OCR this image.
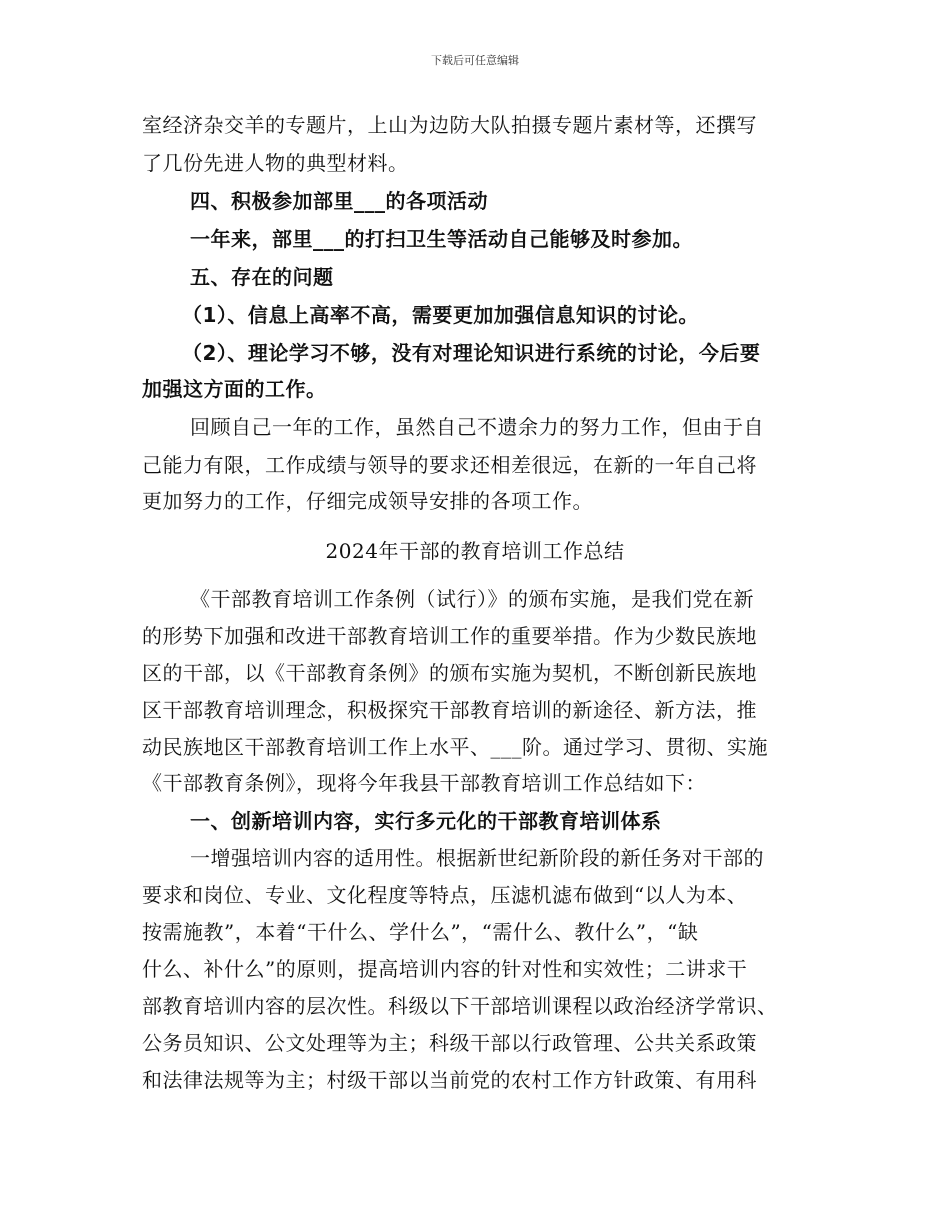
下载后可任意编辑
室经济杂交羊的专题片，上山为边防大队拍摄专题片素材等，还撰写
了几份先进人物的典型材料。
四、积极参加部里___的各项活动
一年来，部里___的打扫卫生等活动自己能够及时参加。
五、存在的问题
（1）、信息上高率不高，需要更加加强信息知识的讨论。
（2）、理论学习不够，没有对理论知识进行系统的讨论，今后要
加强这方面的工作。
回顾自己一年的工作，虽然自己不遗余力的努力工作，但由于自
己能力有限，工作成绩与领导的要求还相差很远，在新的一年自己将
更加努力的工作，仔细完成领导安排的各项工作。
2024年干部的教育培训工作总结
《干部教育培训工作条例（试行）》的颁布实施，是我们党在新
的形势下加强和改进干部教育培训工作的重要举措。作为少数民族地
区的干部，以《干部教育条例》的颁布实施为契机，不断创新民族地
区干部教育培训理念，积极探究干部教育培训的新途径、新方法，推
动民族地区干部教育培训工作上水平、___阶。通过学习、贯彻、实施
《干部教育条例》，现将今年我县干部教育培训工作总结如下：
一、创新培训内容，实行多元化的干部教育培训体系
一增强培训内容的适用性。根据新世纪新阶段的新任务对干部的
要求和岗位、专业、文化程度等特点，压滤机滤布做到“以人为本、
按需施教”，本着“干什么、学什么”，“需什么、教什么”，“缺
什么、补什么”的原则，提高培训内容的针对性和实效性；二讲求干
部教育培训内容的层次性。科级以下干部培训课程以政治经济学常识、
公务员知识、公文处理等为主；科级干部以行政管理、公共关系政策
和法律法规等为主；村级干部以当前党的农村工作方针政策、有用科
